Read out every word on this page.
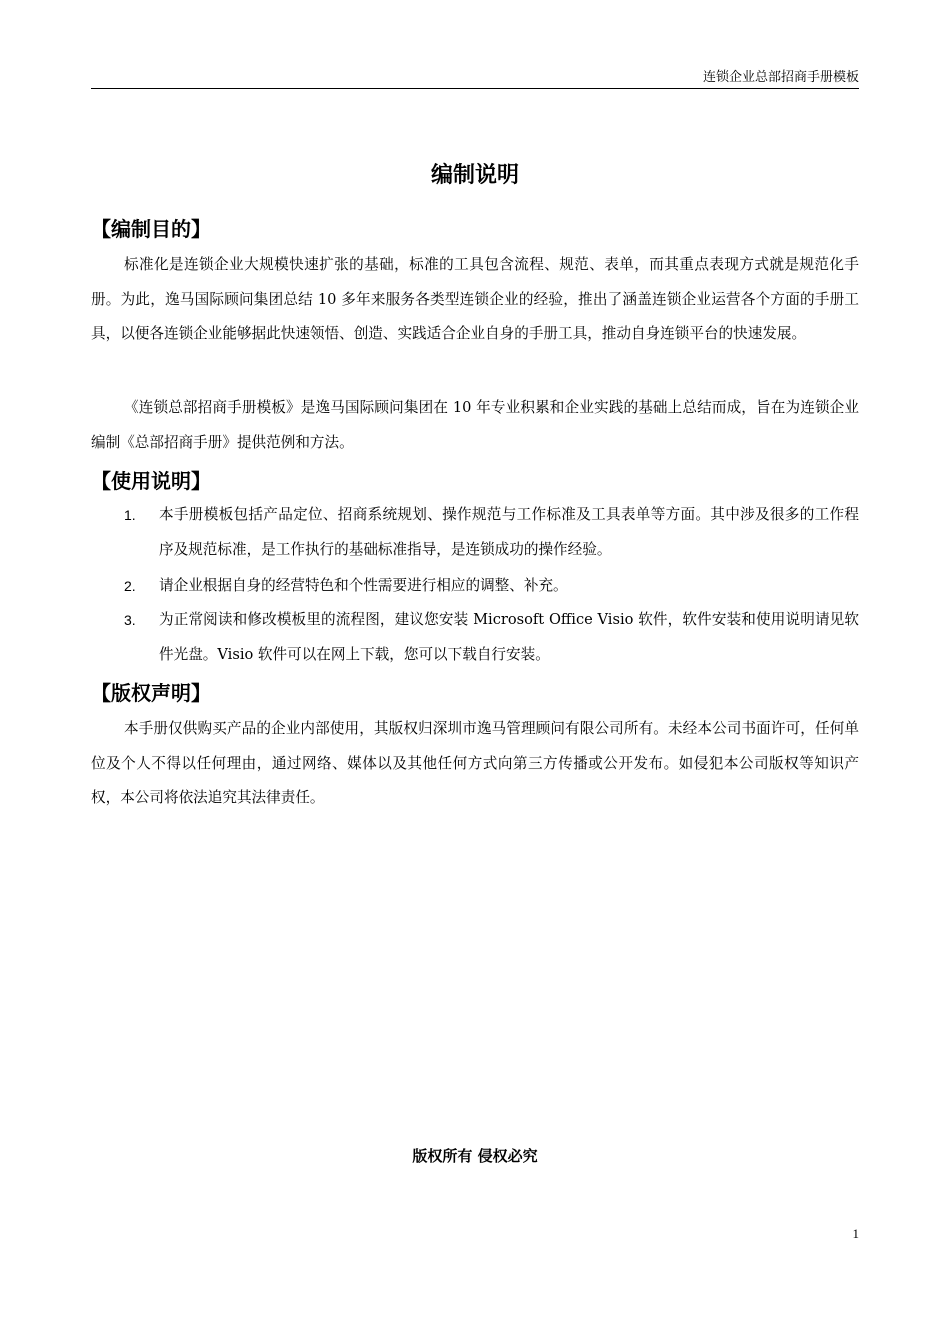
连锁企业总部招商手册模板
编制说明
【编制目的】

标准化是连锁企业大规模快速扩张的基础，标准的工具包含流程、规范、表单，而其重点表现方式就是规范化手册。为此，逸马国际顾问集团总结 10 多年来服务各类型连锁企业的经验，推出了涵盖连锁企业运营各个方面的手册工具，以便各连锁企业能够据此快速领悟、创造、实践适合企业自身的手册工具，推动自身连锁平台的快速发展。

《连锁总部招商手册模板》是逸马国际顾问集团在 10 年专业积累和企业实践的基础上总结而成，旨在为连锁企业编制《总部招商手册》提供范例和方法。

【使用说明】
1. 本手册模板包括产品定位、招商系统规划、操作规范与工作标准及工具表单等方面。其中涉及很多的工作程序及规范标准，是工作执行的基础标准指导，是连锁成功的操作经验。
2. 请企业根据自身的经营特色和个性需要进行相应的调整、补充。
3. 为正常阅读和修改模板里的流程图，建议您安装 Microsoft Office Visio 软件，软件安装和使用说明请见软件光盘。Visio 软件可以在网上下载，您可以下载自行安装。
【版权声明】

本手册仅供购买产品的企业内部使用，其版权归深圳市逸马管理顾问有限公司所有。未经本公司书面许可，任何单位及个人不得以任何理由，通过网络、媒体以及其他任何方式向第三方传播或公开发布。如侵犯本公司版权等知识产权，本公司将依法追究其法律责任。

版权所有 侵权必究
1
